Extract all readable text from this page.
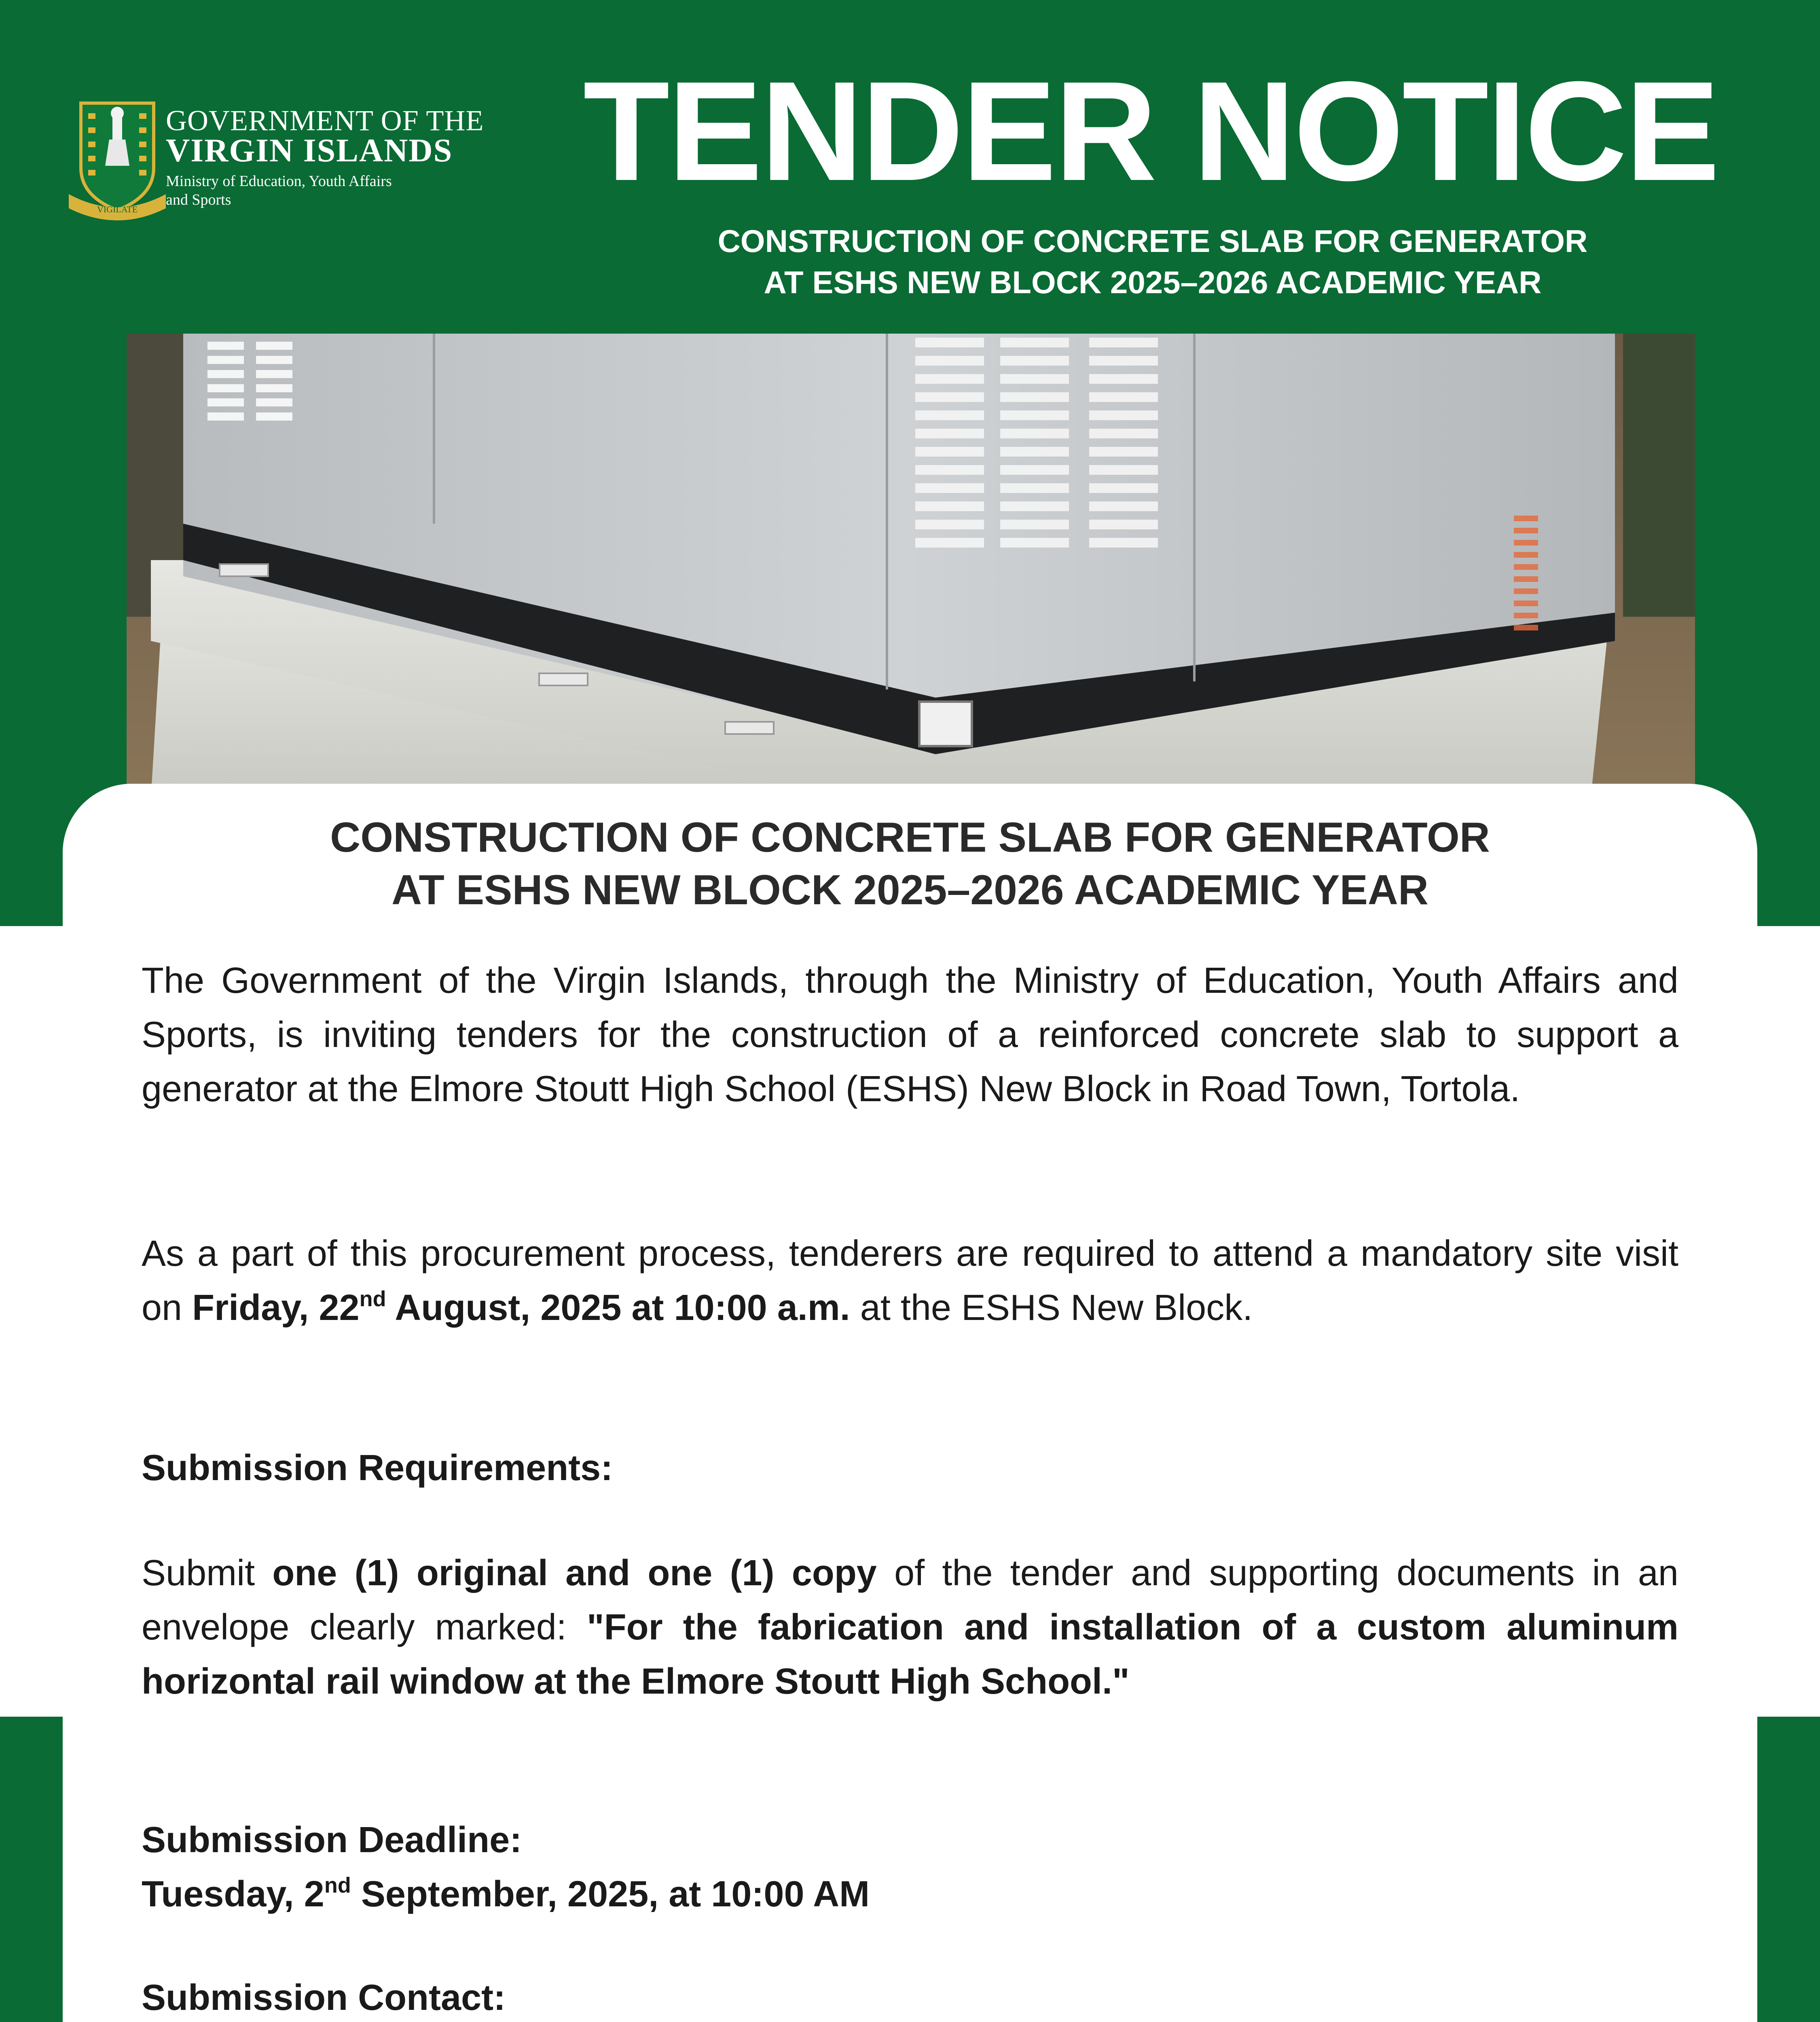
VIGILATE
GOVERNMENT OF THE
VIRGIN ISLANDS
Ministry of Education, Youth Affairs and Sports	TENDER NOTICE
CONSTRUCTION OF CONCRETE SLAB FOR GENERATOR
AT ESHS NEW BLOCK 2025–2026 ACADEMIC YEAR
CONSTRUCTION OF CONCRETE SLAB FOR GENERATOR
AT ESHS NEW BLOCK 2025–2026 ACADEMIC YEAR
The Government of the Virgin Islands, through the Ministry of Education, Youth Affairs and Sports, is inviting tenders for the construction of a reinforced concrete slab to support a generator at the Elmore Stoutt High School (ESHS) New Block in Road Town, Tortola.
As a part of this procurement process, tenderers are required to attend a mandatory site visit on Friday, 22nd August, 2025 at 10:00 a.m. at the ESHS New Block.
Submission Requirements:
Submit one (1) original and one (1) copy of the tender and supporting documents in an envelope clearly marked: "For the fabrication and installation of a custom aluminum horizontal rail window at the Elmore Stoutt High School."
Submission Deadline:
Tuesday, 2nd September, 2025, at 10:00 AM
Submission Contact:
